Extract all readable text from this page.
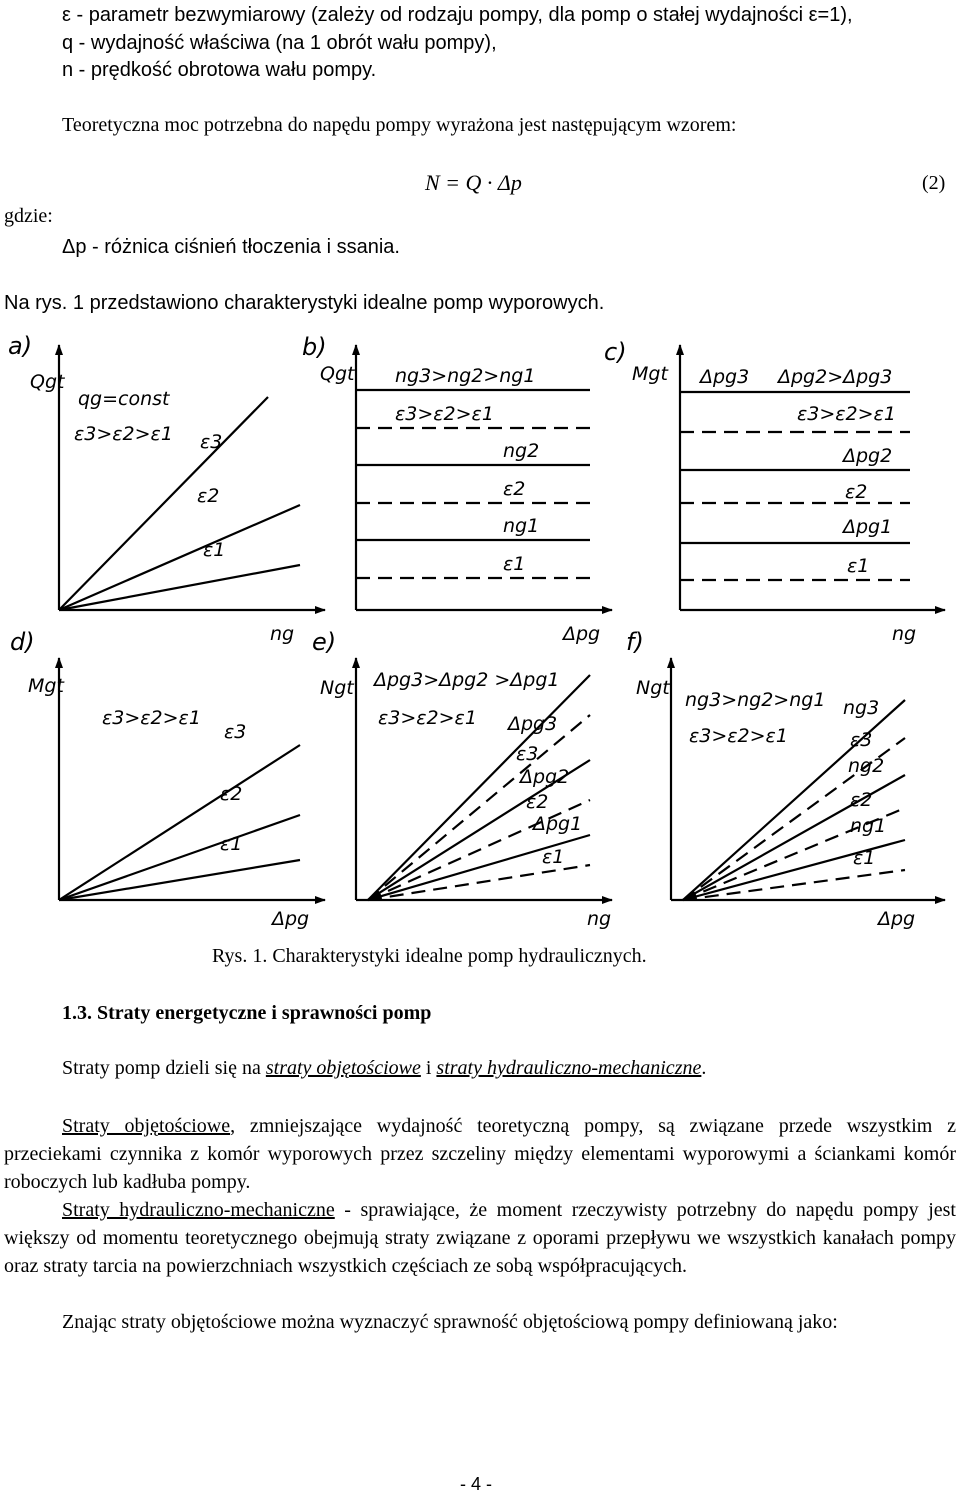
ε - parametr bezwymiarowy (zależy od rodzaju pompy, dla pomp o stałej wydajności ε=1),
q - wydajność właściwa (na 1 obrót wału pompy),
n - prędkość obrotowa wału pompy.
Teoretyczna moc potrzebna do napędu pompy wyrażona jest następującym wzorem:
N = Q · Δp	(2)
gdzie:
Δp - różnica ciśnień tłoczenia i ssania.
Na rys. 1 przedstawiono charakterystyki idealne pomp wyporowych.
a)
Qgt
qg=const
ε3>ε2>ε1 ε3
ε2
ε1
b)
Qgt ng3>ng2>ng1
ε3>ε2>ε1
ng2
ε2
ng1
ε1
c)
Mgt Δpg3 Δpg2>Δpg3
ε3>ε2>ε1
Δpg2
ε2
Δpg1
ε1
ng	Δpg	ng
d)
Mgt
ε3>ε2>ε1
ε3
ε2
ε1
Δpg
e)
Ngt Δpg3>Δpg2 >Δpg1
ε3>ε2>ε1 Δpg3
ε3
Δpg2
ε2
Δpg1
ε1
ng
f)
Ngt
ng3>ng2>ng1
ε3>ε2>ε1
ng3
ε3
ng2
ε2
ng1
ε1
Δpg
Rys. 1. Charakterystyki idealne pomp hydraulicznych.
1.3. Straty energetyczne i sprawności pomp
Straty pomp dzieli się na straty objętościowe i straty hydrauliczno-mechaniczne.
Straty objętościowe, zmniejszające wydajność teoretyczną pompy, są związane przede wszystkim z przeciekami czynnika z komór wyporowych przez szczeliny między elementami wyporowymi a ściankami komór roboczych lub kadłuba pompy.
Straty hydrauliczno-mechaniczne - sprawiające, że moment rzeczywisty potrzebny do napędu pompy jest większy od momentu teoretycznego obejmują straty związane z oporami przepływu we wszystkich kanałach pompy oraz straty tarcia na powierzchniach wszystkich częściach ze sobą współpracujących.
Znając straty objętościowe można wyznaczyć sprawność objętościową pompy definiowaną jako:
- 4 -
